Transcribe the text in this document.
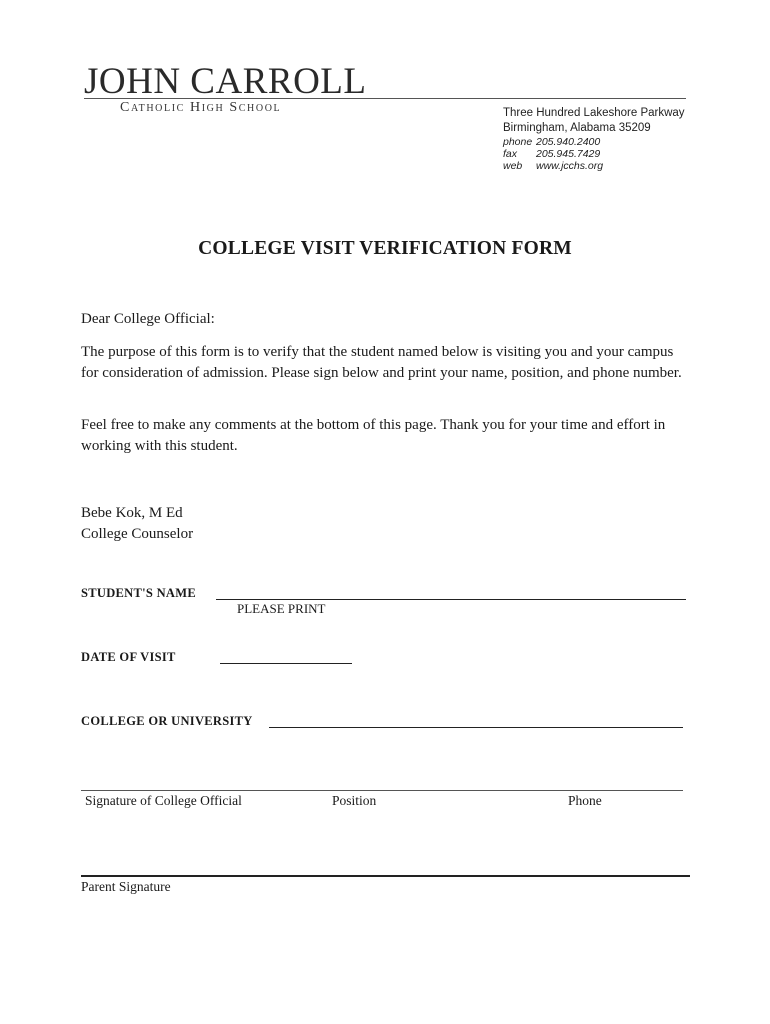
JOHN CARROLL
Catholic High School	Three Hundred Lakeshore Parkway
Birmingham, Alabama 35209
phone 205.940.2400
fax 205.945.7429
web www.jcchs.org
COLLEGE VISIT VERIFICATION FORM
Dear College Official:
The purpose of this form is to verify that the student named below is visiting you and your campus for consideration of admission. Please sign below and print your name, position, and phone number.
Feel free to make any comments at the bottom of this page. Thank you for your time and effort in working with this student.
Bebe Kok, M Ed
College Counselor
STUDENT'S NAME
PLEASE PRINT
DATE OF VISIT
COLLEGE OR UNIVERSITY
Signature of College Official	Position	Phone
Parent Signature
